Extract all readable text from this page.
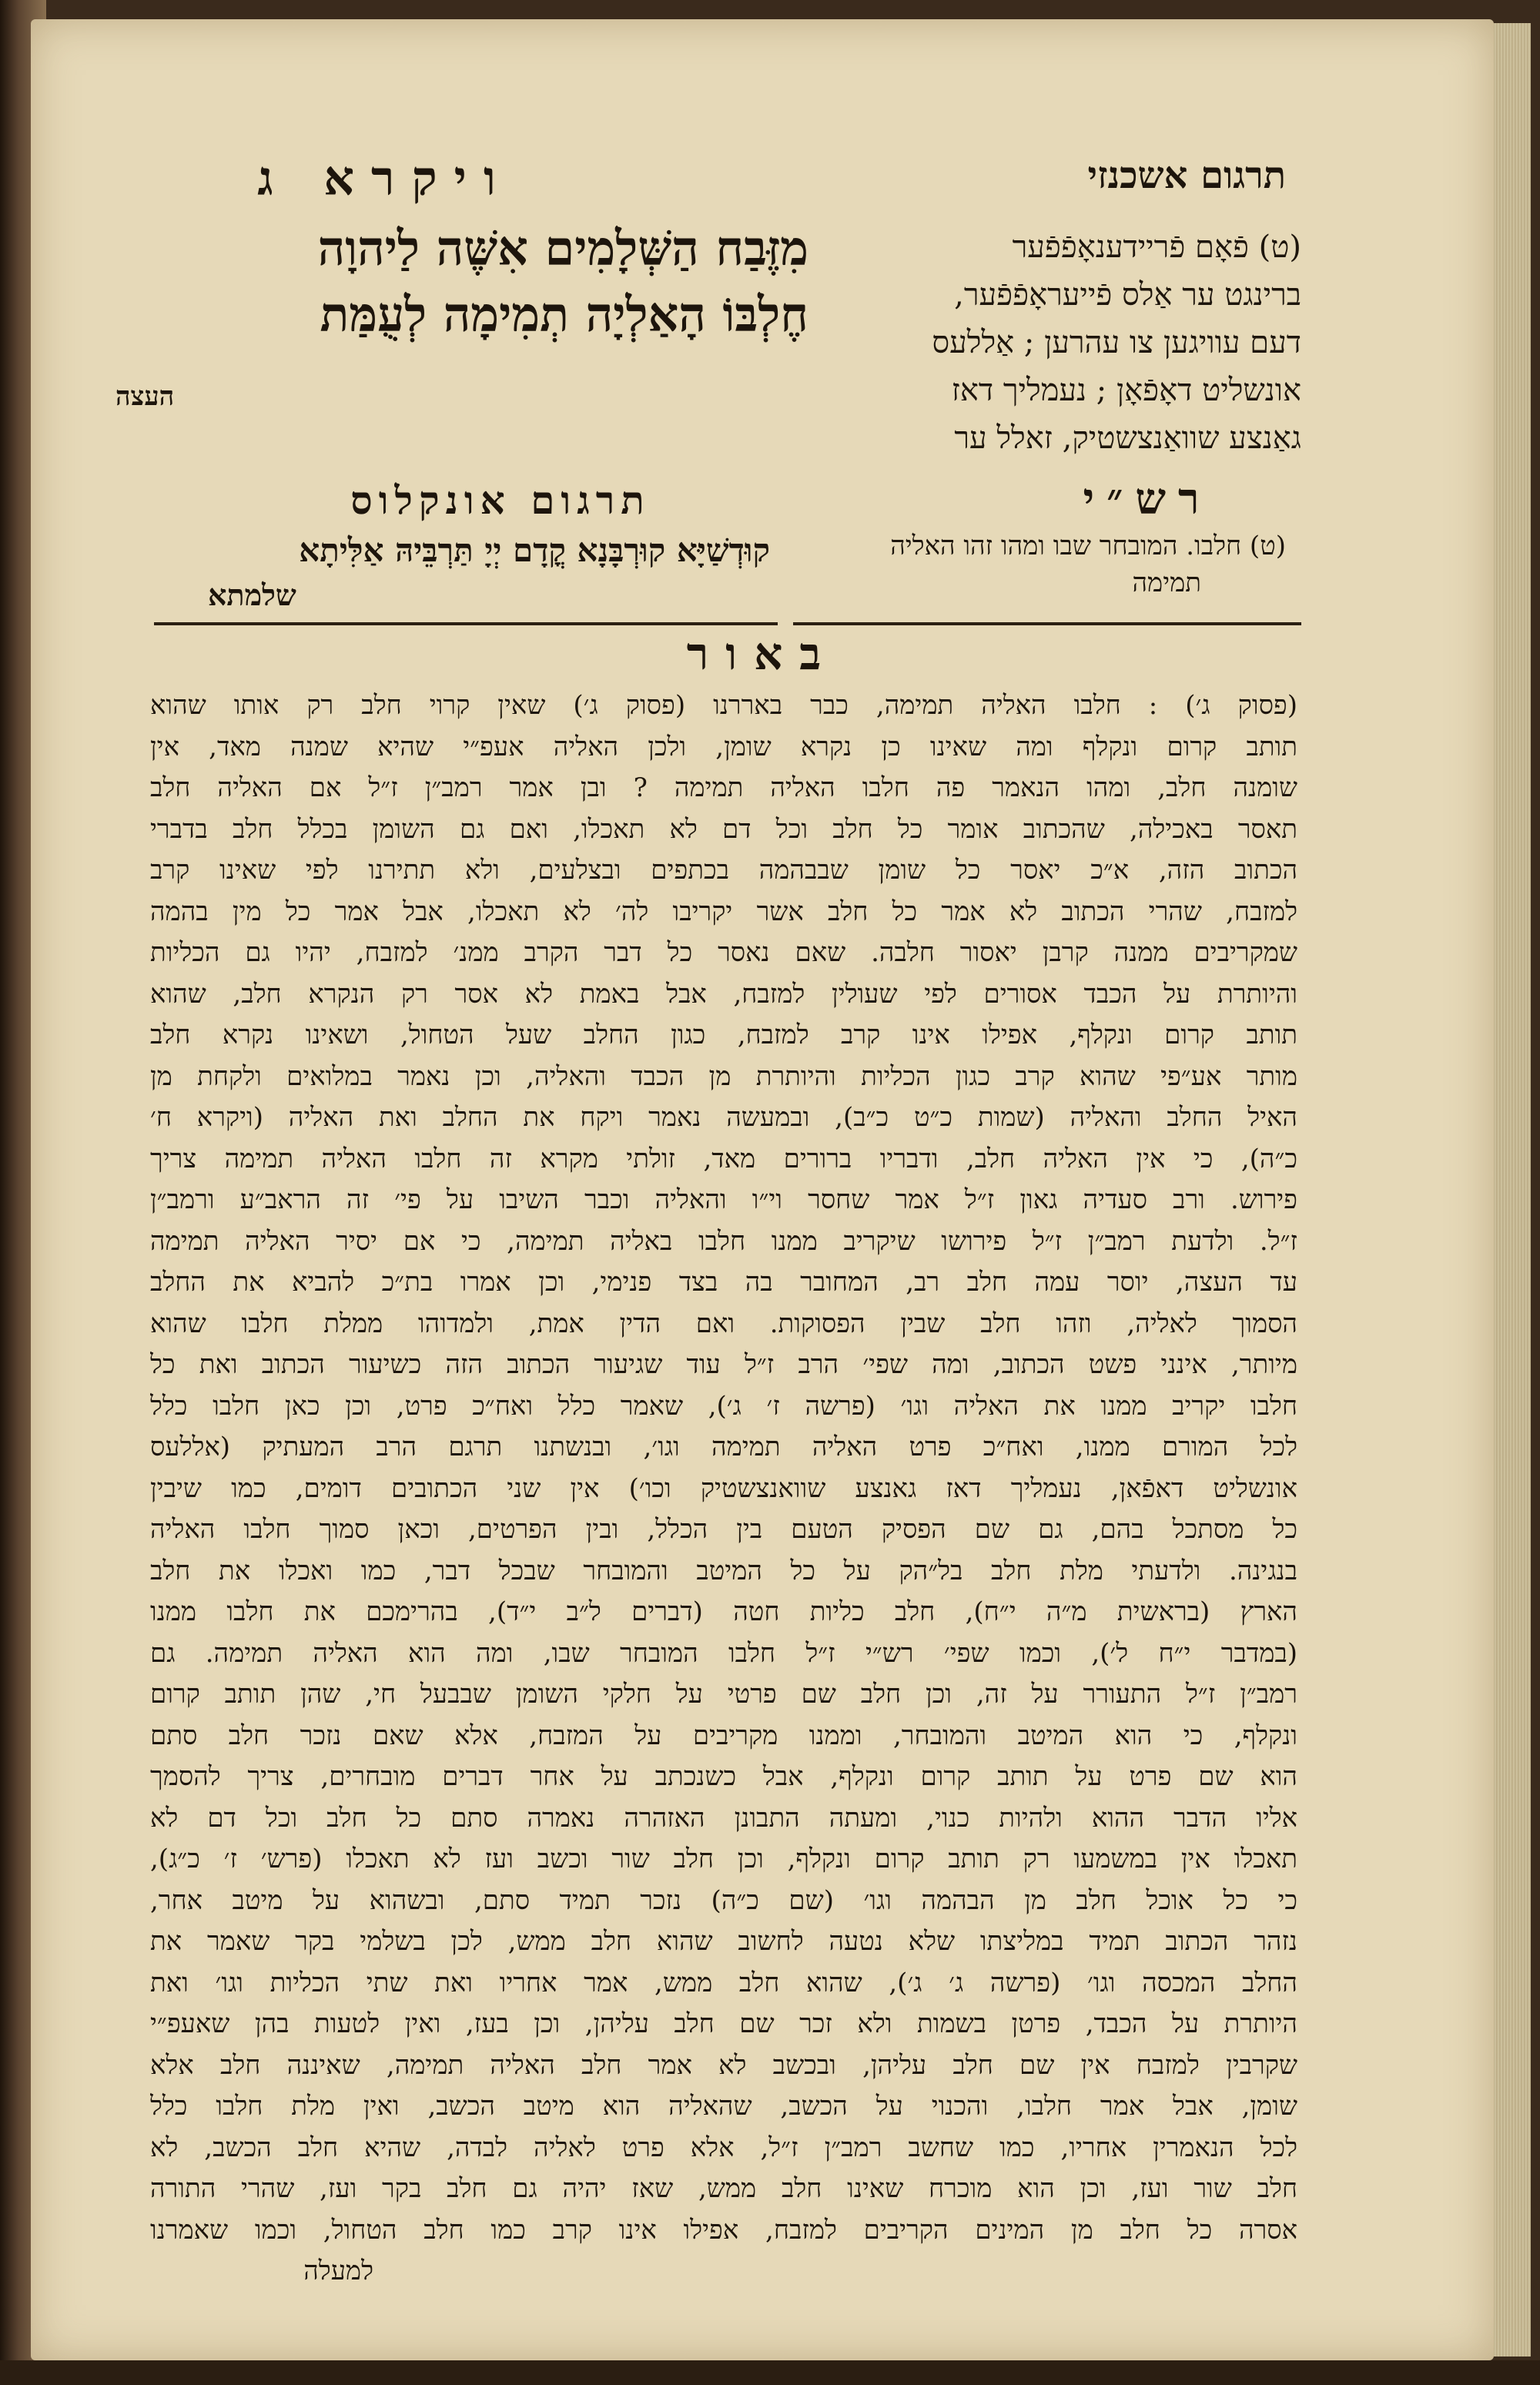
ויקרא ג	תרגום אשכנזי
מִזֶּבַח הַשְּׁלָמִים אִשֶּׁה לַיהוָה
חֶלְבּוֹ הָאַלְיָה תְמִימָה לְעֻמַּת
העצה
(ט) פֿאָם פֿריידענאָפֿפֿער
ברינגט ער אַלס פֿייעראָפֿפֿער,
דעם עוויגען צו עהרען ; אַללעס
אונשליט דאָפֿאָן ; נעמליך דאז
גאַנצע שוואַנצשטיק, זאלל ער
תרגום אונקלוס	רש״י
קוּדְשַׁיָּא קוּרְבָּנָא קֳדָם יְיָ תַּרְבֵּיהּ אַלִּיתָא
שלמתא
(ט) חלבו. המובחר שבו ומהו זהו האליה
תמימה
באור
(פסוק ג׳) : חלבו האליה תמימה, כבר באררנו (פסוק ג׳) שאין קרוי חלב רק אותו שהוא
תותב קרום ונקלף ומה שאינו כן נקרא שומן, ולכן האליה אעפ״י שהיא שמנה מאד, אין
שומנה חלב, ומהו הנאמר פה חלבו האליה תמימה ? ובן אמר רמב״ן ז״ל אם האליה חלב
תאסר באכילה, שהכתוב אומר כל חלב וכל דם לא תאכלו, ואם גם השומן בכלל חלב בדברי
הכתוב הזה, א״כ יאסר כל שומן שבבהמה בכתפים ובצלעים, ולא תתירנו לפי שאינו קרב
למזבח, שהרי הכתוב לא אמר כל חלב אשר יקריבו לה׳ לא תאכלו, אבל אמר כל מין בהמה
שמקריבים ממנה קרבן יאסור חלבה. שאם נאסר כל דבר הקרב ממנ׳ למזבח, יהיו גם הכליות
והיותרת על הכבד אסורים לפי שעולין למזבח, אבל באמת לא אסר רק הנקרא חלב, שהוא
תותב קרום ונקלף, אפילו אינו קרב למזבח, כגון החלב שעל הטחול, ושאינו נקרא חלב
מותר אע״פי שהוא קרב כגון הכליות והיותרת מן הכבד והאליה, וכן נאמר במלואים ולקחת מן
האיל החלב והאליה (שמות כ״ט כ״ב), ובמעשה נאמר ויקח את החלב ואת האליה (ויקרא ח׳
כ״ה), כי אין האליה חלב, ודבריו ברורים מאד, זולתי מקרא זה חלבו האליה תמימה צריך
פירוש. ורב סעדיה גאון ז״ל אמר שחסר וי״ו והאליה וכבר השיבו על פי׳ זה הראב״ע ורמב״ן
ז״ל. ולדעת רמב״ן ז״ל פירושו שיקריב ממנו חלבו באליה תמימה, כי אם יסיר האליה תמימה
עד העצה, יוסר עמה חלב רב, המחובר בה בצד פנימי, וכן אמרו בת״כ להביא את החלב
הסמוך לאליה, וזהו חלב שבין הפסוקות. ואם הדין אמת, ולמדוהו ממלת חלבו שהוא
מיותר, אינני פשט הכתוב, ומה שפי׳ הרב ז״ל עוד שגיעור הכתוב הזה כשיעור הכתוב ואת כל
חלבו יקריב ממנו את האליה וגו׳ (פרשה ז׳ ג׳), שאמר כלל ואח״כ פרט, וכן כאן חלבו כלל
לכל המורם ממנו, ואח״כ פרט האליה תמימה וגו׳, ובנשתנו תרגם הרב המעתיק (אללעס
אונשליט דאפֿאן, נעמליך דאז גאנצע שוואנצשטיק וכו׳) אין שני הכתובים דומים, כמו שיבין
כל מסתכל בהם, גם שם הפסיק הטעם בין הכלל, ובין הפרטים, וכאן סמוך חלבו האליה
בנגינה. ולדעתי מלת חלב בל״הק על כל המיטב והמובחר שבכל דבר, כמו ואכלו את חלב
הארץ (בראשית מ״ה י״ח), חלב כליות חטה (דברים ל״ב י״ד), בהרימכם את חלבו ממנו
(במדבר י״ח ל׳), וכמו שפי׳ רש״י ז״ל חלבו המובחר שבו, ומה הוא האליה תמימה. גם
רמב״ן ז״ל התעורר על זה, וכן חלב שם פרטי על חלקי השומן שבבעל חי, שהן תותב קרום
ונקלף, כי הוא המיטב והמובחר, וממנו מקריבים על המזבח, אלא שאם נזכר חלב סתם
הוא שם פרט על תותב קרום ונקלף, אבל כשנכתב על אחר דברים מובחרים, צריך להסמך
אליו הדבר ההוא ולהיות כנוי, ומעתה התבונן האזהרה נאמרה סתם כל חלב וכל דם לא
תאכלו אין במשמעו רק תותב קרום ונקלף, וכן חלב שור וכשב ועז לא תאכלו (פרש׳ ז׳ כ״ג),
כי כל אוכל חלב מן הבהמה וגו׳ (שם כ״ה) נזכר תמיד סתם, ובשהוא על מיטב אחר,
נזהר הכתוב תמיד במליצתו שלא נטעה לחשוב שהוא חלב ממש, לכן בשלמי בקר שאמר את
החלב המכסה וגו׳ (פרשה ג׳ ג׳), שהוא חלב ממש, אמר אחריו ואת שתי הכליות וגו׳ ואת
היותרת על הכבד, פרטן בשמות ולא זכר שם חלב עליהן, וכן בעז, ואין לטעות בהן שאעפ״י
שקרבין למזבח אין שם חלב עליהן, ובכשב לא אמר חלב האליה תמימה, שאיננה חלב אלא
שומן, אבל אמר חלבו, והכנוי על הכשב, שהאליה הוא מיטב הכשב, ואין מלת חלבו כלל
לכל הנאמרין אחריו, כמו שחשב רמב״ן ז״ל, אלא פרט לאליה לבדה, שהיא חלב הכשב, לא
חלב שור ועז, וכן הוא מוכרח שאינו חלב ממש, שאז יהיה גם חלב בקר ועז, שהרי התורה
אסרה כל חלב מן המינים הקריבים למזבח, אפילו אינו קרב כמו חלב הטחול, וכמו שאמרנו
למעלה
